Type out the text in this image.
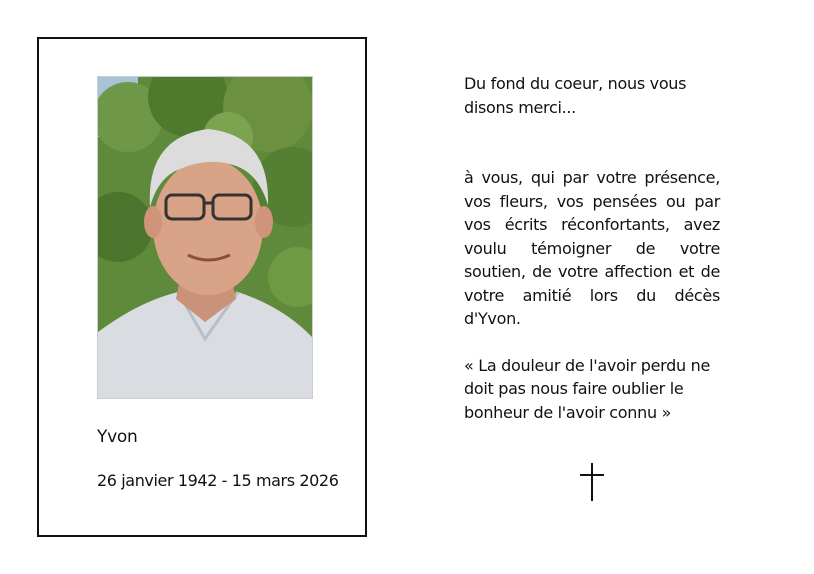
Yvon
26 janvier 1942 - 15 mars 2026

Du fond du coeur, nous vous disons merci...

à vous, qui par votre présence, vos fleurs, vos pensées ou par vos écrits réconfortants, avez voulu témoigner de votre soutien, de votre affection et de votre amitié lors du décès d'Yvon.

« La douleur de l'avoir perdu ne doit pas nous faire oublier le bonheur de l'avoir connu »
